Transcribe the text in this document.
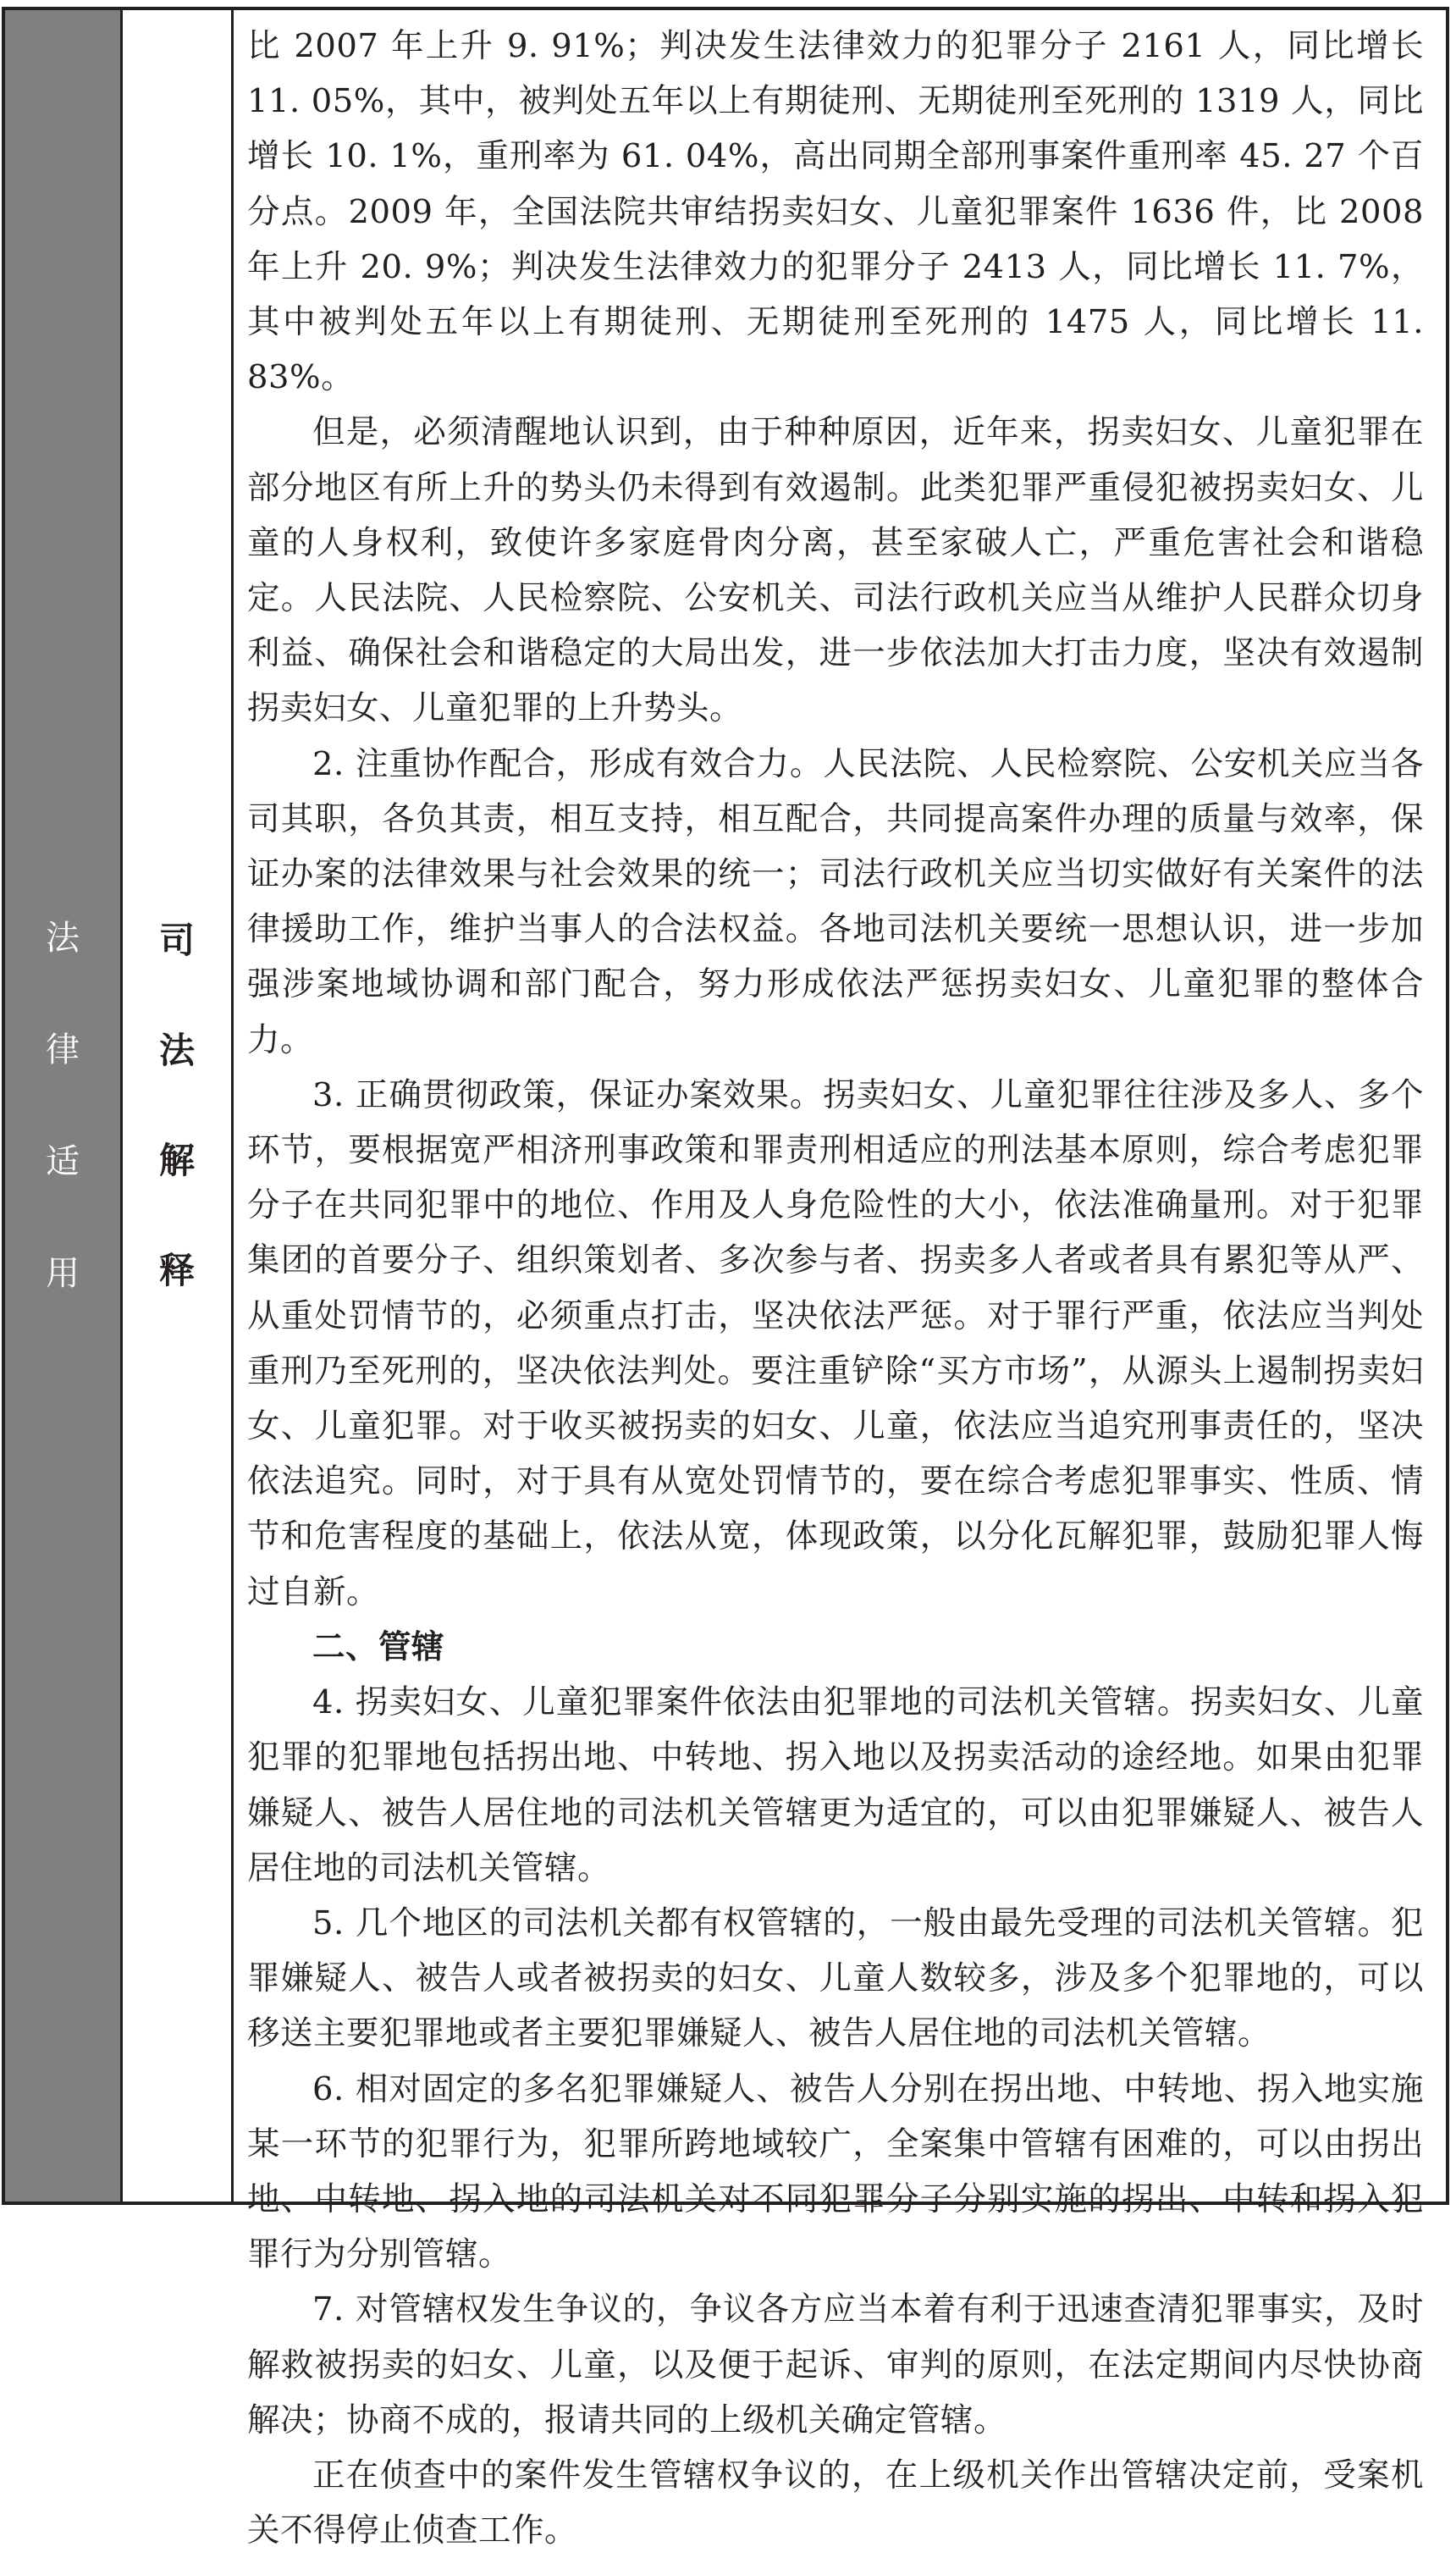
法
律
适
用
司
法
解
释

比 2007 年上升 9. 91%；判决发生法律效力的犯罪分子 2161 人，同比增长 11. 05%，其中，被判处五年以上有期徒刑、无期徒刑至死刑的 1319 人，同比增长 10. 1%，重刑率为 61. 04%，高出同期全部刑事案件重刑率 45. 27 个百分点。2009 年，全国法院共审结拐卖妇女、儿童犯罪案件 1636 件，比 2008 年上升 20. 9%；判决发生法律效力的犯罪分子 2413 人，同比增长 11. 7%，其中被判处五年以上有期徒刑、无期徒刑至死刑的 1475 人，同比增长 11. 83%。

但是，必须清醒地认识到，由于种种原因，近年来，拐卖妇女、儿童犯罪在部分地区有所上升的势头仍未得到有效遏制。此类犯罪严重侵犯被拐卖妇女、儿童的人身权利，致使许多家庭骨肉分离，甚至家破人亡，严重危害社会和谐稳定。人民法院、人民检察院、公安机关、司法行政机关应当从维护人民群众切身利益、确保社会和谐稳定的大局出发，进一步依法加大打击力度，坚决有效遏制拐卖妇女、儿童犯罪的上升势头。

2. 注重协作配合，形成有效合力。人民法院、人民检察院、公安机关应当各司其职，各负其责，相互支持，相互配合，共同提高案件办理的质量与效率，保证办案的法律效果与社会效果的统一；司法行政机关应当切实做好有关案件的法律援助工作，维护当事人的合法权益。各地司法机关要统一思想认识，进一步加强涉案地域协调和部门配合，努力形成依法严惩拐卖妇女、儿童犯罪的整体合力。

3. 正确贯彻政策，保证办案效果。拐卖妇女、儿童犯罪往往涉及多人、多个环节，要根据宽严相济刑事政策和罪责刑相适应的刑法基本原则，综合考虑犯罪分子在共同犯罪中的地位、作用及人身危险性的大小，依法准确量刑。对于犯罪集团的首要分子、组织策划者、多次参与者、拐卖多人者或者具有累犯等从严、从重处罚情节的，必须重点打击，坚决依法严惩。对于罪行严重，依法应当判处重刑乃至死刑的，坚决依法判处。要注重铲除“买方市场”，从源头上遏制拐卖妇女、儿童犯罪。对于收买被拐卖的妇女、儿童，依法应当追究刑事责任的，坚决依法追究。同时，对于具有从宽处罚情节的，要在综合考虑犯罪事实、性质、情节和危害程度的基础上，依法从宽，体现政策，以分化瓦解犯罪，鼓励犯罪人悔过自新。

二、管辖

4. 拐卖妇女、儿童犯罪案件依法由犯罪地的司法机关管辖。拐卖妇女、儿童犯罪的犯罪地包括拐出地、中转地、拐入地以及拐卖活动的途经地。如果由犯罪嫌疑人、被告人居住地的司法机关管辖更为适宜的，可以由犯罪嫌疑人、被告人居住地的司法机关管辖。

5. 几个地区的司法机关都有权管辖的，一般由最先受理的司法机关管辖。犯罪嫌疑人、被告人或者被拐卖的妇女、儿童人数较多，涉及多个犯罪地的，可以移送主要犯罪地或者主要犯罪嫌疑人、被告人居住地的司法机关管辖。

6. 相对固定的多名犯罪嫌疑人、被告人分别在拐出地、中转地、拐入地实施某一环节的犯罪行为，犯罪所跨地域较广，全案集中管辖有困难的，可以由拐出地、中转地、拐入地的司法机关对不同犯罪分子分别实施的拐出、中转和拐入犯罪行为分别管辖。

7. 对管辖权发生争议的，争议各方应当本着有利于迅速查清犯罪事实，及时解救被拐卖的妇女、儿童，以及便于起诉、审判的原则，在法定期间内尽快协商解决；协商不成的，报请共同的上级机关确定管辖。

正在侦查中的案件发生管辖权争议的，在上级机关作出管辖决定前，受案机关不得停止侦查工作。
